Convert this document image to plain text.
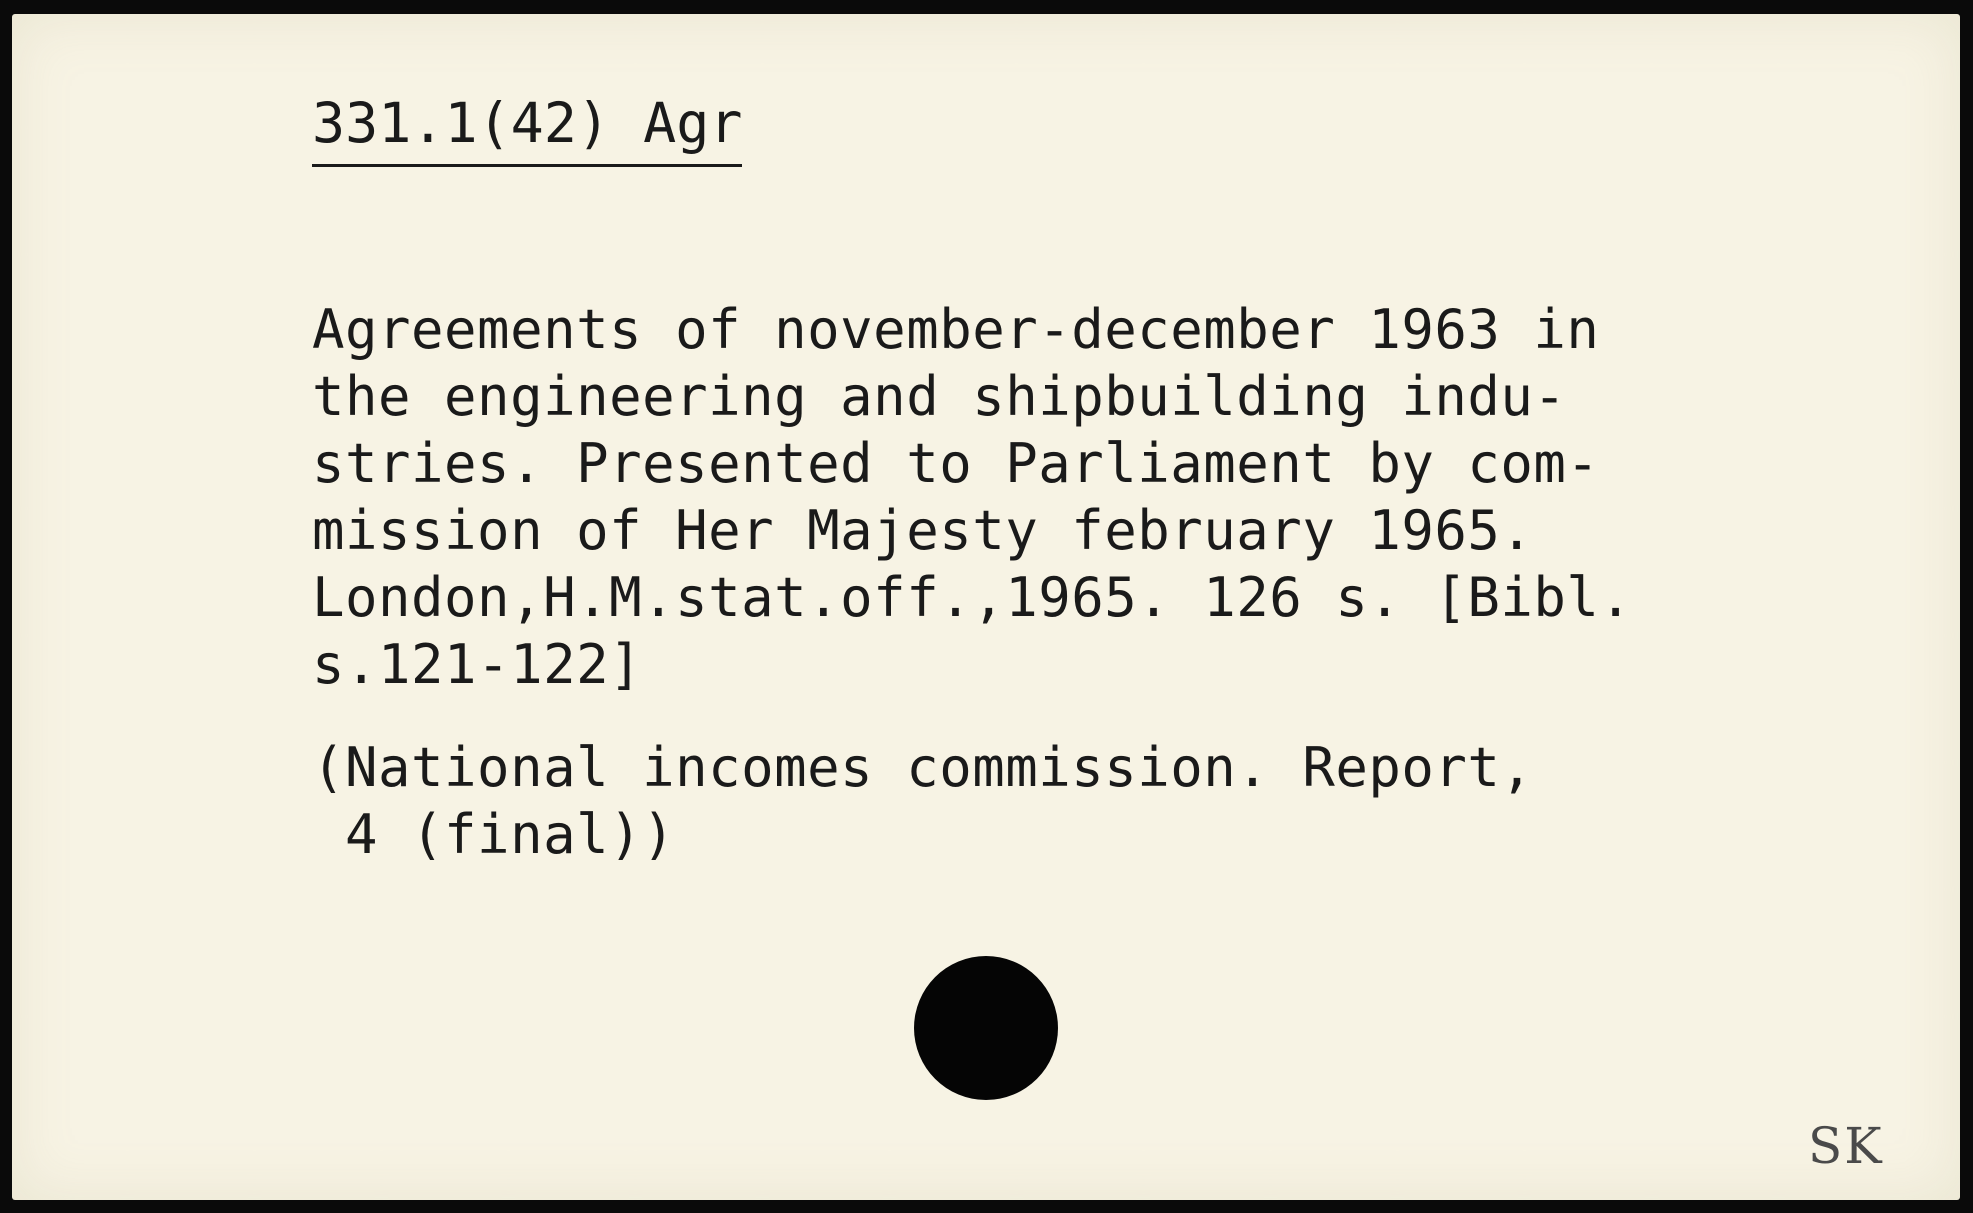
331.1(42) Agr

Agreements of november-december 1963 in
the engineering and shipbuilding indu-
stries. Presented to Parliament by com-
mission of Her Majesty february 1965.
London,H.M.stat.off.,1965. 126 s. [Bibl.
s.121-122]
(National incomes commission. Report,
4 (final))

SK
